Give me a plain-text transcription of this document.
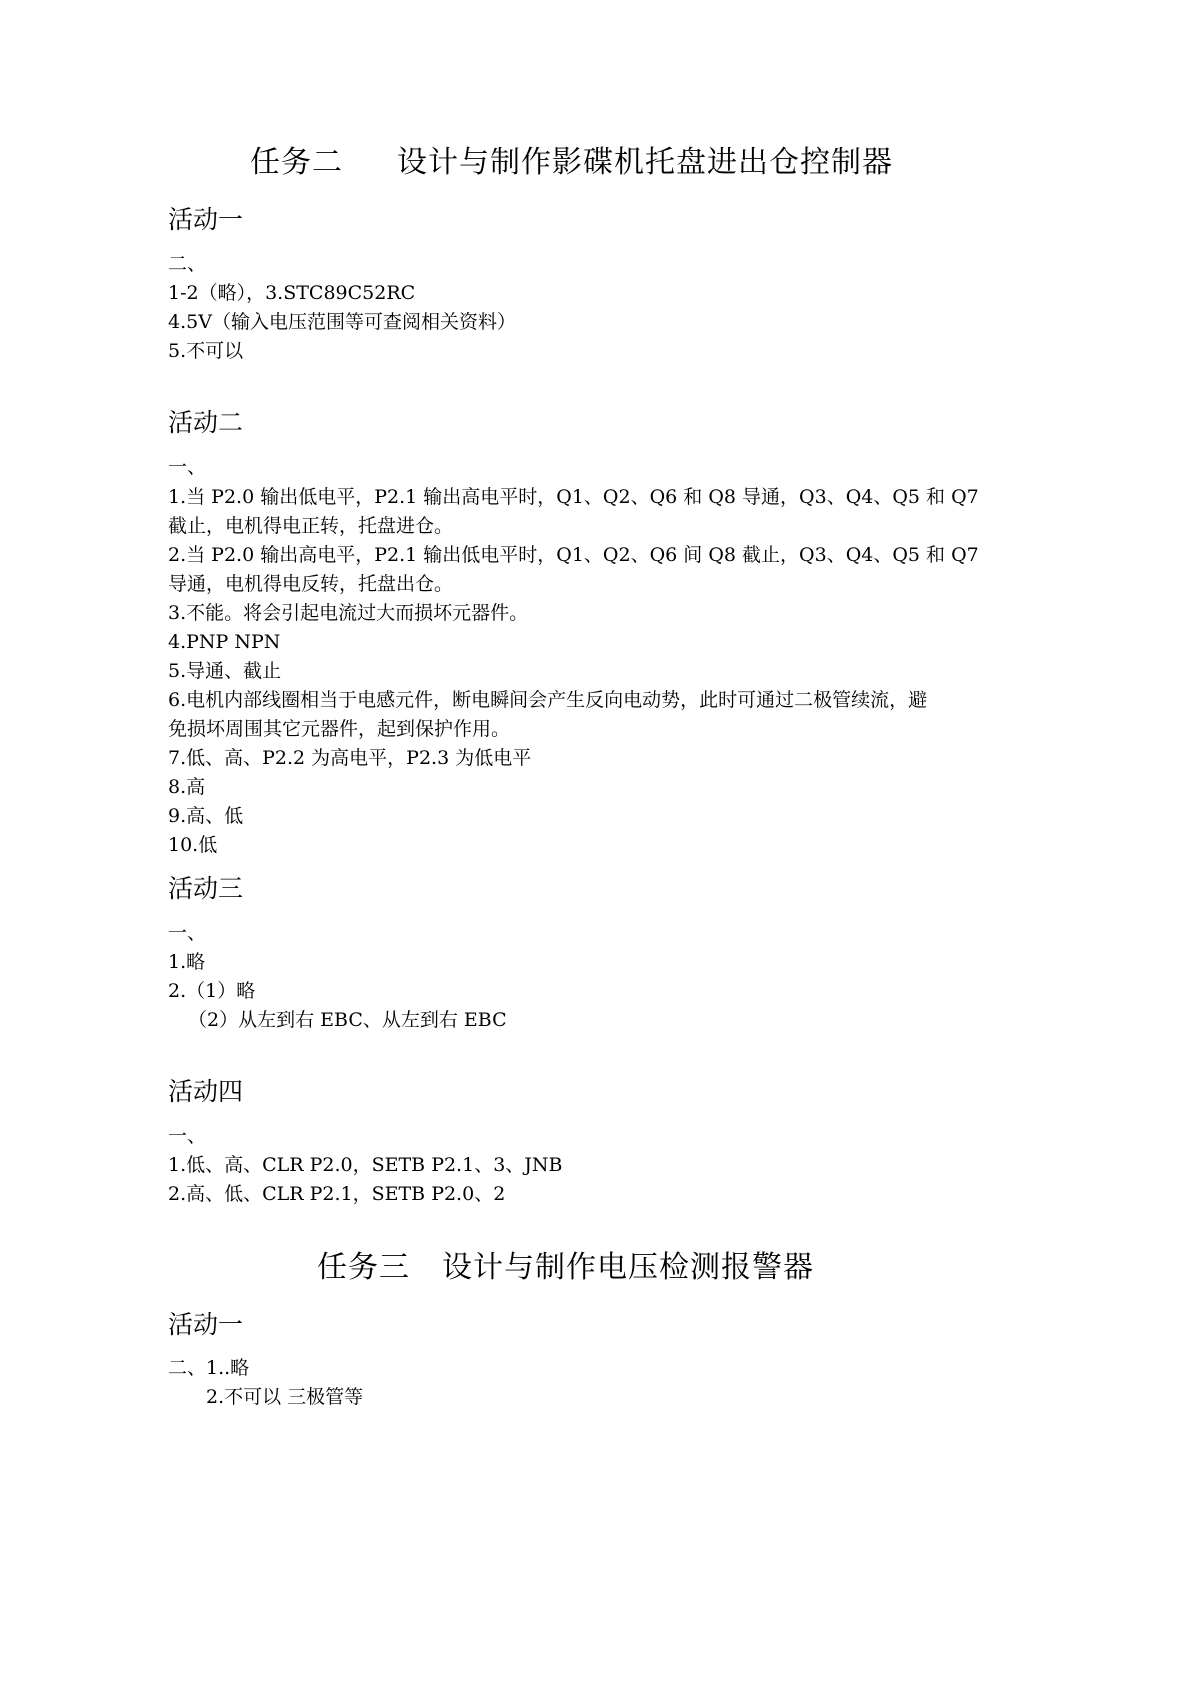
任务二 设计与制作影碟机托盘进出仓控制器
活动一
二、
1-2（略），3.STC89C52RC
4.5V（输入电压范围等可查阅相关资料）
5.不可以
活动二
一、
1.当 P2.0 输出低电平，P2.1 输出高电平时，Q1、Q2、Q6 和 Q8 导通，Q3、Q4、Q5 和 Q7
截止，电机得电正转，托盘进仓。
2.当 P2.0 输出高电平，P2.1 输出低电平时，Q1、Q2、Q6 间 Q8 截止，Q3、Q4、Q5 和 Q7
导通，电机得电反转，托盘出仓。
3.不能。将会引起电流过大而损坏元器件。
4.PNP NPN
5.导通、截止
6.电机内部线圈相当于电感元件，断电瞬间会产生反向电动势，此时可通过二极管续流，避
免损坏周围其它元器件，起到保护作用。
7.低、高、P2.2 为高电平，P2.3 为低电平
8.高
9.高、低
10.低
活动三
一、
1.略
2.（1）略
（2）从左到右 EBC、从左到右 EBC
活动四
一、
1.低、高、CLR P2.0，SETB P2.1、3、JNB
2.高、低、CLR P2.1，SETB P2.0、2
任务三 设计与制作电压检测报警器
活动一
二、1..略
2.不可以 三极管等
